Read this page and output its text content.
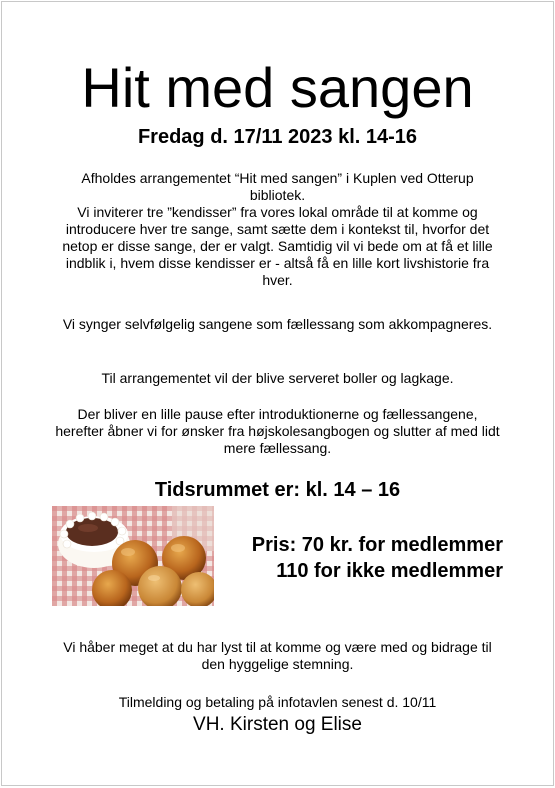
Hit med sangen
Fredag d. 17/11 2023 kl. 14-16
Afholdes arrangementet “Hit med sangen” i Kuplen ved Otterup bibliotek.
Vi inviterer tre ”kendisser” fra vores lokal område til at komme og introducere hver tre sange, samt sætte dem i kontekst til, hvorfor det netop er disse sange, der er valgt. Samtidig vil vi bede om at få et lille indblik i, hvem disse kendisser er - altså få en lille kort livshistorie fra hver.
Vi synger selvfølgelig sangene som fællessang som akkompagneres.
Til arrangementet vil der blive serveret boller og lagkage.
Der bliver en lille pause efter introduktionerne og fællessangene, herefter åbner vi for ønsker fra højskolesangbogen og slutter af med lidt mere fællessang.
Tidsrummet er: kl. 14 – 16
Pris: 70 kr. for medlemmer
110 for ikke medlemmer
Vi håber meget at du har lyst til at komme og være med og bidrage til den hyggelige stemning.
Tilmelding og betaling på infotavlen senest d. 10/11
VH. Kirsten og Elise
